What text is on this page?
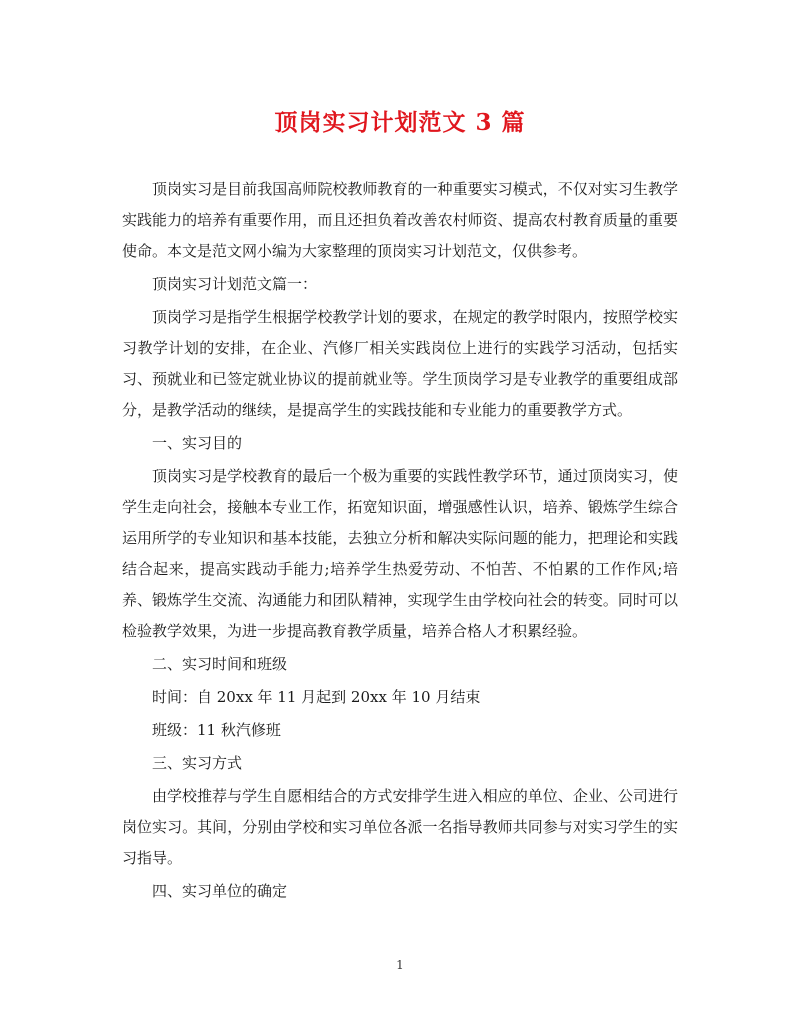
顶岗实习计划范文 3 篇

顶岗实习是目前我国高师院校教师教育的一种重要实习模式，不仅对实习生教学实践能力的培养有重要作用，而且还担负着改善农村师资、提高农村教育质量的重要使命。本文是范文网小编为大家整理的顶岗实习计划范文，仅供参考。

顶岗实习计划范文篇一：

顶岗学习是指学生根据学校教学计划的要求，在规定的教学时限内，按照学校实习教学计划的安排，在企业、汽修厂相关实践岗位上进行的实践学习活动，包括实习、预就业和已签定就业协议的提前就业等。学生顶岗学习是专业教学的重要组成部分，是教学活动的继续，是提高学生的实践技能和专业能力的重要教学方式。

一、实习目的

顶岗实习是学校教育的最后一个极为重要的实践性教学环节，通过顶岗实习，使学生走向社会，接触本专业工作，拓宽知识面，增强感性认识，培养、锻炼学生综合运用所学的专业知识和基本技能，去独立分析和解决实际问题的能力，把理论和实践结合起来，提高实践动手能力;培养学生热爱劳动、不怕苦、不怕累的工作作风;培养、锻炼学生交流、沟通能力和团队精神，实现学生由学校向社会的转变。同时可以检验教学效果，为进一步提高教育教学质量，培养合格人才积累经验。

二、实习时间和班级

时间：自 20xx 年 11 月起到 20xx 年 10 月结束

班级：11 秋汽修班

三、实习方式

由学校推荐与学生自愿相结合的方式安排学生进入相应的单位、企业、公司进行岗位实习。其间，分别由学校和实习单位各派一名指导教师共同参与对实习学生的实习指导。

四、实习单位的确定

1
